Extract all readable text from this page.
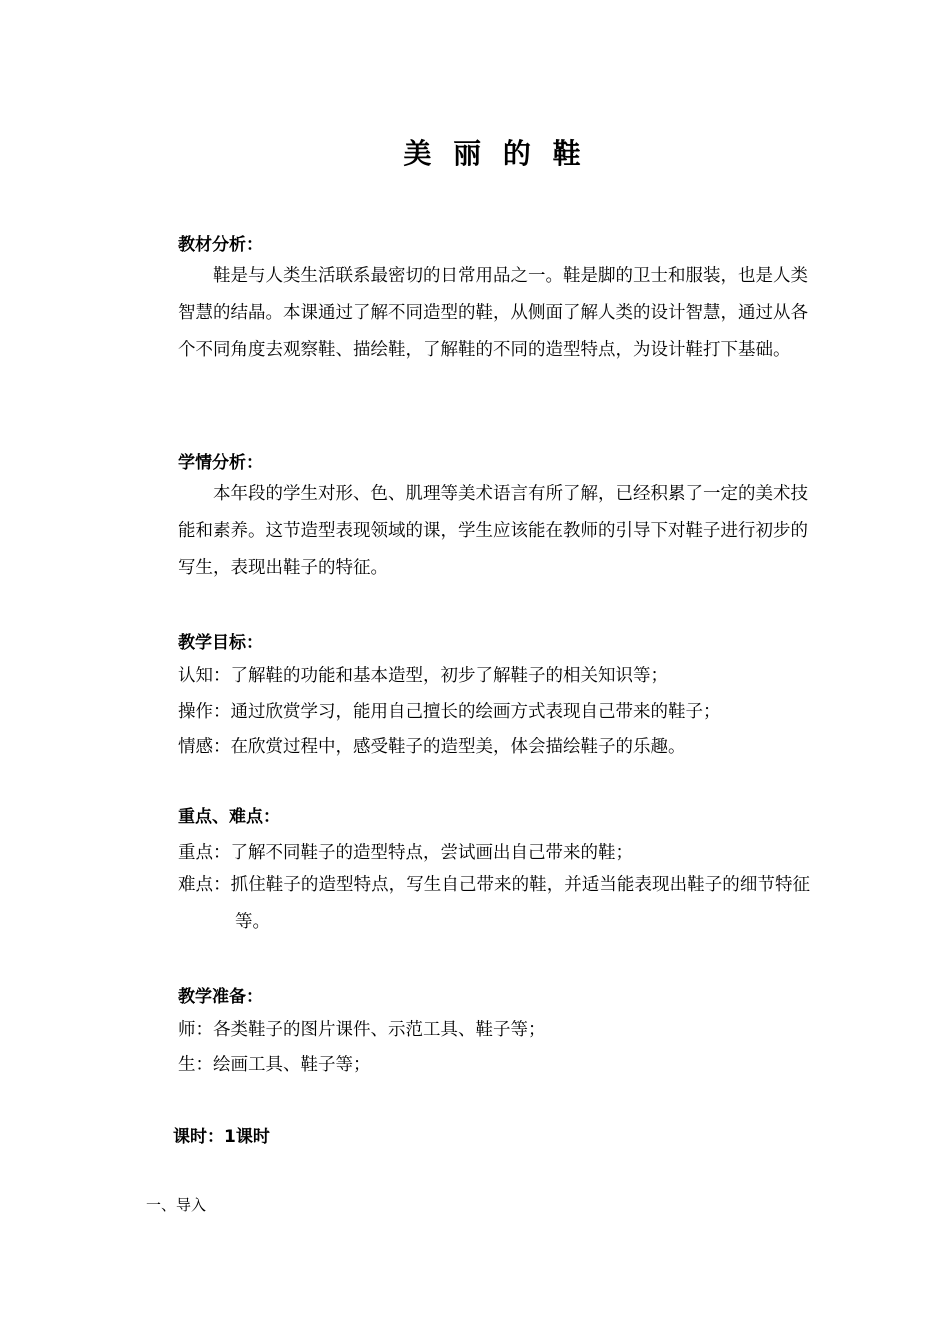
美 丽 的 鞋
教材分析：

鞋是与人类生活联系最密切的日常用品之一。鞋是脚的卫士和服装，也是人类智慧的结晶。本课通过了解不同造型的鞋，从侧面了解人类的设计智慧，通过从各个不同角度去观察鞋、描绘鞋，了解鞋的不同的造型特点，为设计鞋打下基础。

学情分析：

本年段的学生对形、色、肌理等美术语言有所了解，已经积累了一定的美术技能和素养。这节造型表现领域的课，学生应该能在教师的引导下对鞋子进行初步的写生，表现出鞋子的特征。

教学目标：

认知：了解鞋的功能和基本造型，初步了解鞋子的相关知识等；

操作：通过欣赏学习，能用自己擅长的绘画方式表现自己带来的鞋子；

情感：在欣赏过程中，感受鞋子的造型美，体会描绘鞋子的乐趣。

重点、难点：

重点：了解不同鞋子的造型特点，尝试画出自己带来的鞋；

难点：抓住鞋子的造型特点，写生自己带来的鞋，并适当能表现出鞋子的细节特征等。

教学准备：

师：各类鞋子的图片课件、示范工具、鞋子等；

生：绘画工具、鞋子等；

课时：1课时

一、导入
